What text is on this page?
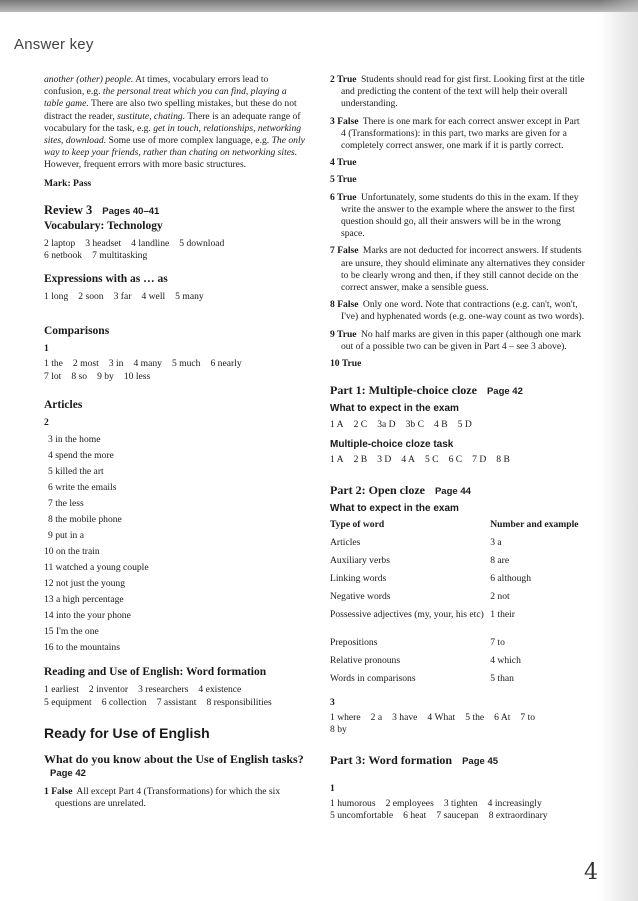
Answer key

another (other) people. At times, vocabulary errors lead to confusion, e.g. the personal treat which you can find, playing a table game. There are also two spelling mistakes, but these do not distract the reader, sustitute, chating. There is an adequate range of vocabulary for the task, e.g. get in touch, relationships, networking sites, download. Some use of more complex language, e.g. The only way to keep your friends, rather than chating on networking sites. However, frequent errors with more basic structures.

Mark: Pass

Review 3 Pages 40–41
Vocabulary: Technology
2 laptop 3 headset 4 landline 5 download
6 netbook 7 multitasking
Expressions with as … as
1 long 2 soon 3 far 4 well 5 many
Comparisons
1
1 the 2 most 3 in 4 many 5 much 6 nearly
7 lot 8 so 9 by 10 less
Articles
2
3 in the home
4 spend the more
5 killed the art
6 write the emails
7 the less
8 the mobile phone
9 put in a
10 on the train
11 watched a young couple
12 not just the young
13 a high percentage
14 into the your phone
15 I'm the one
16 to the mountains
Reading and Use of English: Word formation
1 earliest 2 inventor 3 researchers 4 existence
5 equipment 6 collection 7 assistant 8 responsibilities
Ready for Use of English
What do you know about the Use of English tasks?Page 42

1 False All except Part 4 (Transformations) for which the six questions are unrelated.

2 True Students should read for gist first. Looking first at the title and predicting the content of the text will help their overall understanding.

3 False There is one mark for each correct answer except in Part 4 (Transformations): in this part, two marks are given for a completely correct answer, one mark if it is partly correct.

4 True

5 True

6 True Unfortunately, some students do this in the exam. If they write the answer to the example where the answer to the first question should go, all their answers will be in the wrong space.

7 False Marks are not deducted for incorrect answers. If students are unsure, they should eliminate any alternatives they consider to be clearly wrong and then, if they still cannot decide on the correct answer, make a sensible guess.

8 False Only one word. Note that contractions (e.g. can't, won't, I've) and hyphenated words (e.g. one-way count as two words).

9 True No half marks are given in this paper (although one mark out of a possible two can be given in Part 4 – see 3 above).

10 True

Part 1: Multiple-choice cloze Page 42
What to expect in the exam
1 A 2 C 3a D 3b C 4 B 5 D
Multiple-choice cloze task
1 A 2 B 3 D 4 A 5 C 6 C 7 D 8 B
Part 2: Open cloze Page 44
What to expect in the exam
Type of word	Number and example
Articles	3 a
Auxiliary verbs	8 are
Linking words	6 although
Negative words	2 not
Possessive adjectives (my, your, his etc)	1 their
Prepositions	7 to
Relative pronouns	4 which
Words in comparisons	5 than
3
1 where 2 a 3 have 4 What 5 the 6 At 7 to
8 by
Part 3: Word formation Page 45
1
1 humorous 2 employees 3 tighten 4 increasingly
5 uncomfortable 6 heat 7 saucepan 8 extraordinary
4
